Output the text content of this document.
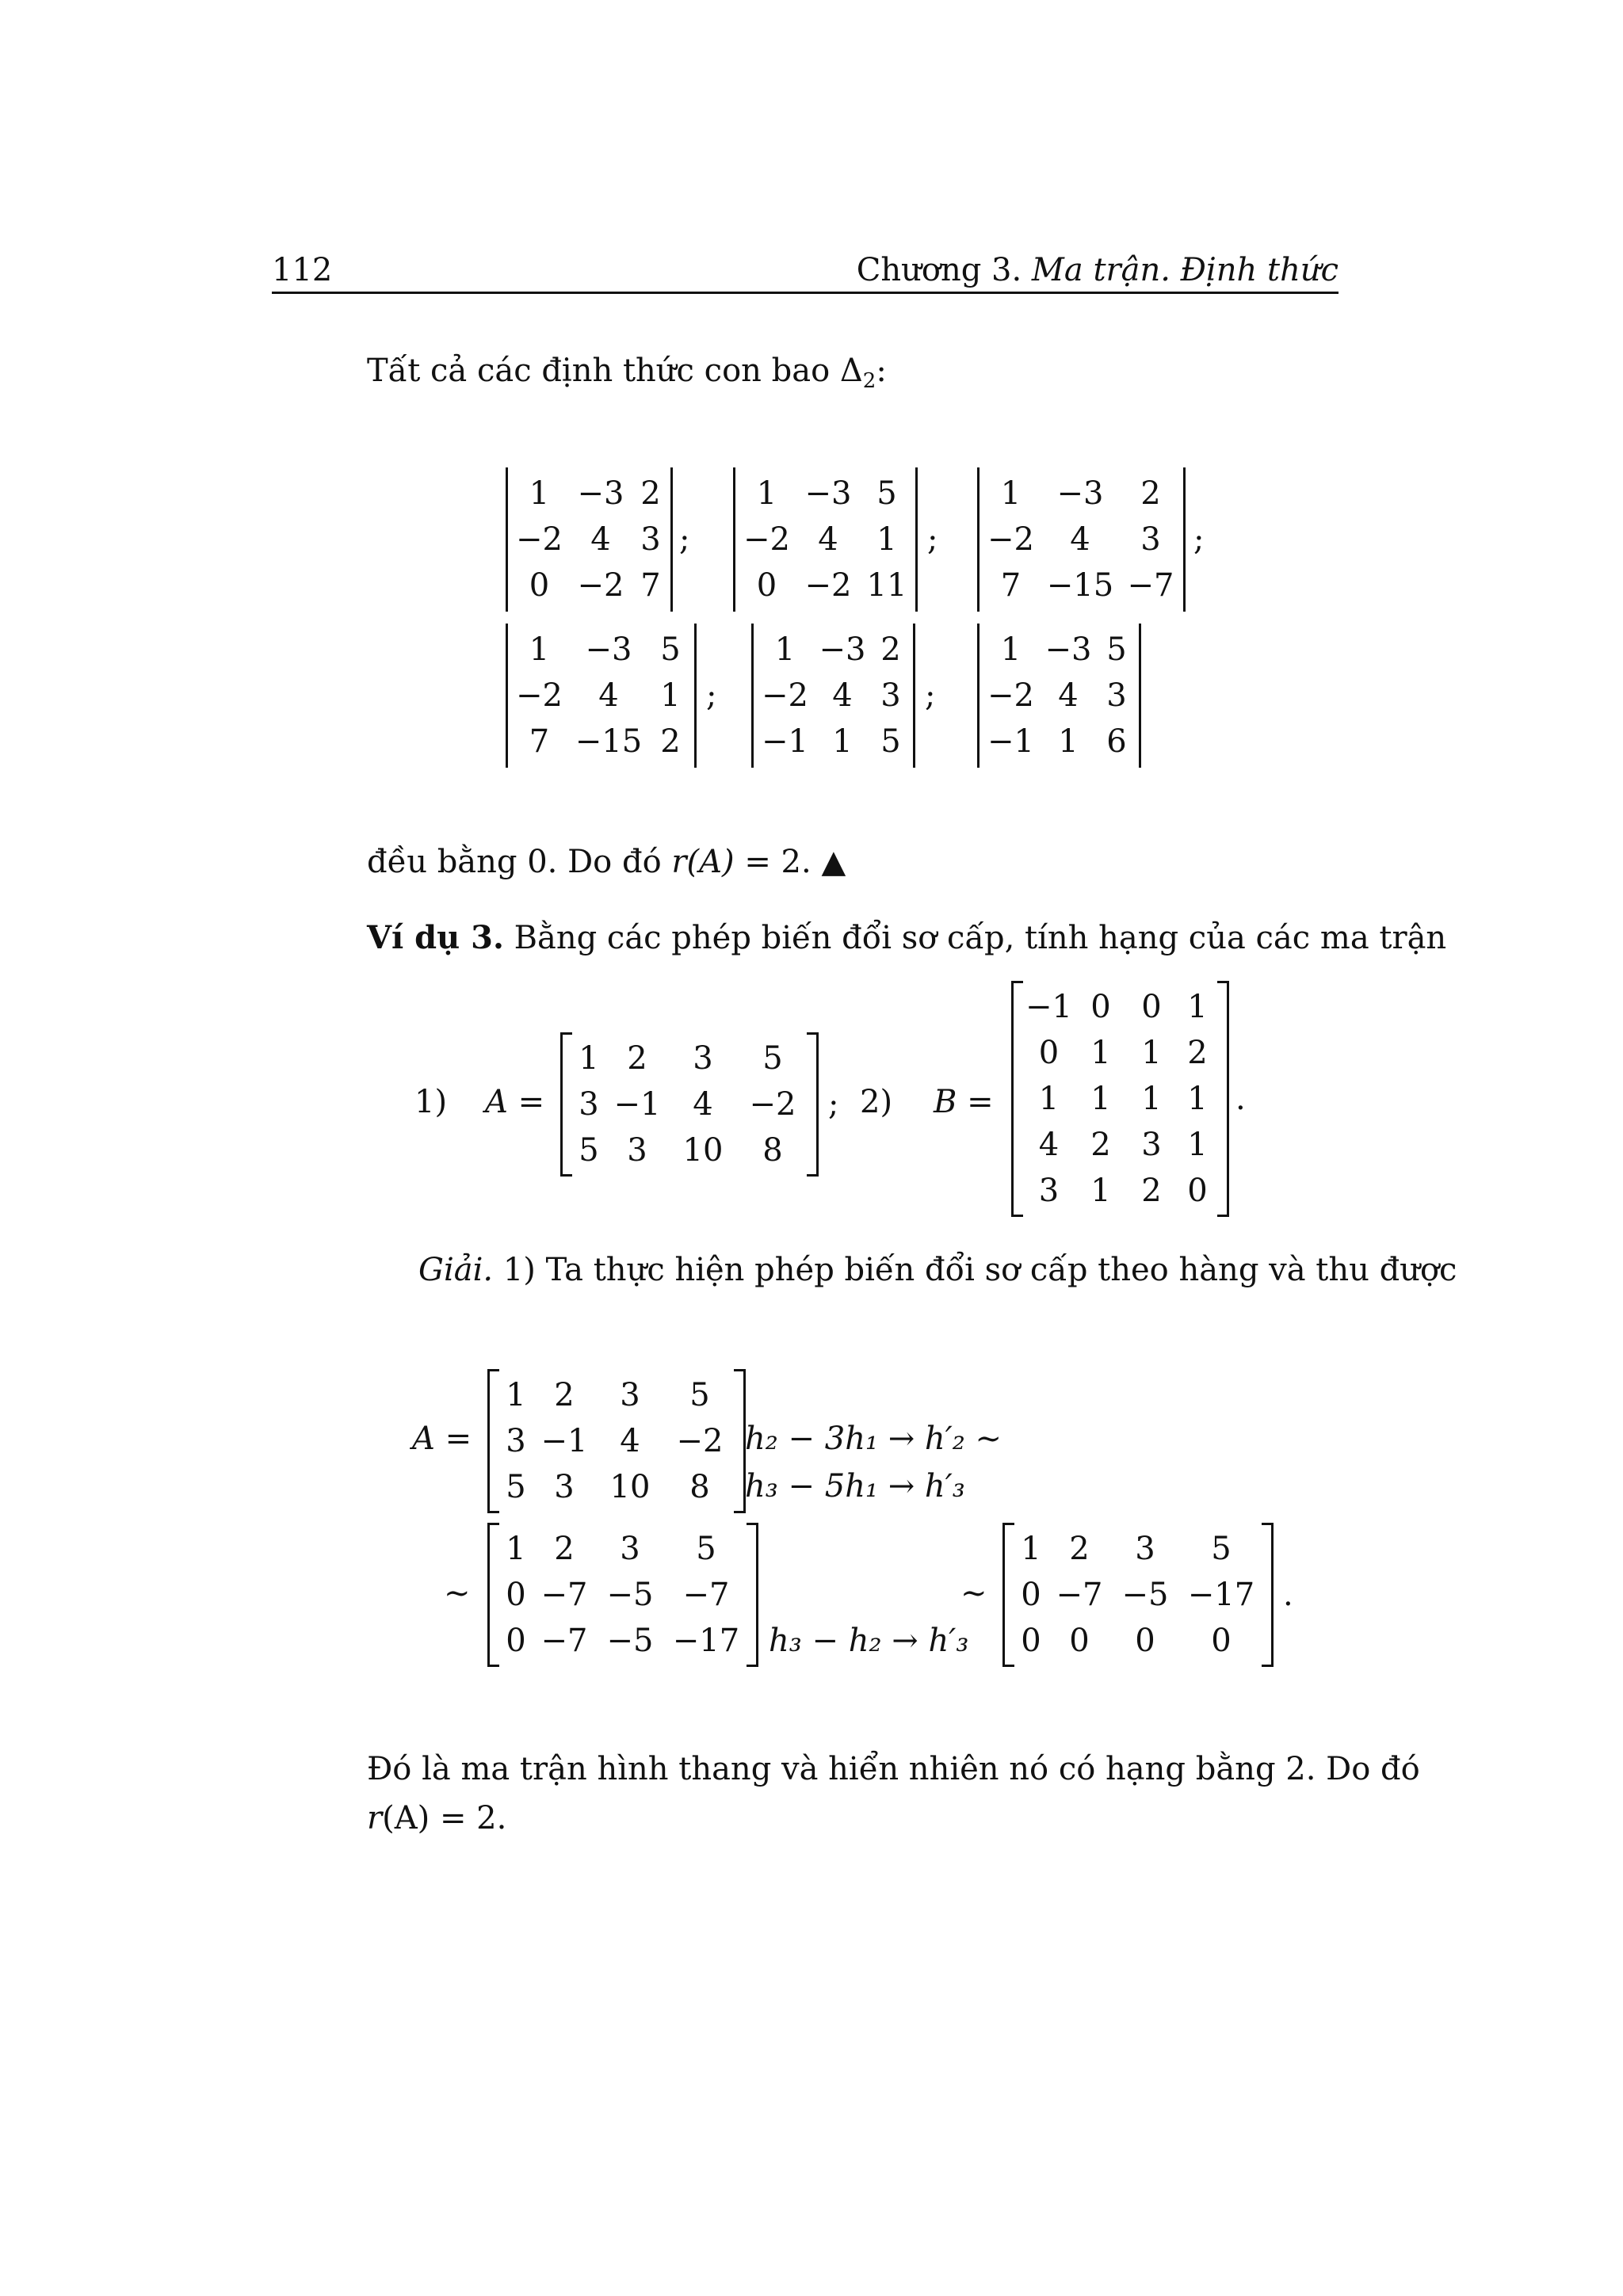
112	Chương 3. Ma trận. Định thức
Tất cả các định thức con bao $\Delta_2$:
1	−3	2
−2	4	3
0	−2	7
;
1	−3	5
−2	4	1
0	−2	11
;
1	−3	2
−2	4	3
7	−15	−7
;
1	−3	5
−2	4	1
7	−15	2
;
1	−3	2
−2	4	3
−1	1	5
;
1	−3	5
−2	4	3
−1	1	6
đều bằng 0. Do đó r(A) = 2. ▲
Ví dụ 3. Bằng các phép biến đổi sơ cấp, tính hạng của các ma trận
1) A =
1	2	3	5
3	−1	4	−2
5	3	10	8
; 2) B =
−1	0	0	1
0	1	1	2
1	1	1	1
4	2	3	1
3	1	2	0
.
Giải. 1) Ta thực hiện phép biến đổi sơ cấp theo hàng và thu được
A =
1	2	3	5
3	−1	4	−2
5	3	10	8
h₂ − 3h₁ → h′₂ ∼
h₃ − 5h₁ → h′₃
∼
1	2	3	5
0	−7	−5	−7
0	−7	−5	−17 h₃ − h₂ → h′₃
∼
1	2	3	5
0	−7	−5	−17
0	0	0	0
.
Đó là ma trận hình thang và hiển nhiên nó có hạng bằng 2. Do đó
r(A) = 2.
